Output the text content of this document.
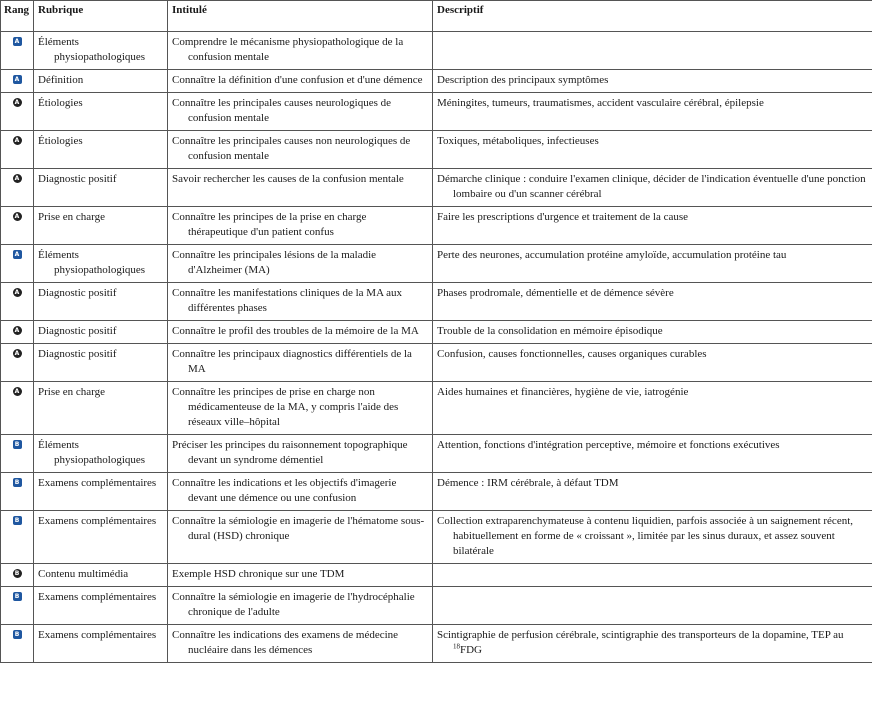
Rang	Rubrique	Intitulé	Descriptif

A	Éléments physiopathologiques	Comprendre le mécanisme physiopathologique de la confusion mentale	

A	Définition	Connaître la définition d'une confusion et d'une démence	Description des principaux symptômes

A	Étiologies	Connaître les principales causes neurologiques de confusion mentale	Méningites, tumeurs, traumatismes, accident vasculaire cérébral, épilepsie

A	Étiologies	Connaître les principales causes non neurologiques de confusion mentale	Toxiques, métaboliques, infectieuses

A	Diagnostic positif	Savoir rechercher les causes de la confusion mentale	Démarche clinique : conduire l'examen clinique, décider de l'indication éventuelle d'une ponction lombaire ou d'un scanner cérébral

A	Prise en charge	Connaître les principes de la prise en charge thérapeutique d'un patient confus	Faire les prescriptions d'urgence et traitement de la cause

A	Éléments physiopathologiques	Connaître les principales lésions de la maladie d'Alzheimer (MA)	Perte des neurones, accumulation protéine amyloïde, accumulation protéine tau

A	Diagnostic positif	Connaître les manifestations cliniques de la MA aux différentes phases	Phases prodromale, démentielle et de démence sévère

A	Diagnostic positif	Connaître le profil des troubles de la mémoire de la MA	Trouble de la consolidation en mémoire épisodique

A	Diagnostic positif	Connaître les principaux diagnostics différentiels de la MA	Confusion, causes fonctionnelles, causes organiques curables

A	Prise en charge	Connaître les principes de prise en charge non médicamenteuse de la MA, y compris l'aide des réseaux ville–hôpital	Aides humaines et financières, hygiène de vie, iatrogénie

B	Éléments physiopathologiques	Préciser les principes du raisonnement topographique devant un syndrome démentiel	Attention, fonctions d'intégration perceptive, mémoire et fonctions exécutives

B	Examens complémentaires	Connaître les indications et les objectifs d'imagerie devant une démence ou une confusion	Démence : IRM cérébrale, à défaut TDM

B	Examens complémentaires	Connaître la sémiologie en imagerie de l'hématome sous-dural (HSD) chronique	Collection extraparenchymateuse à contenu liquidien, parfois associée à un saignement récent, habituellement en forme de « croissant », limitée par les sinus duraux, et assez souvent bilatérale

B	Contenu multimédia	Exemple HSD chronique sur une TDM	

B	Examens complémentaires	Connaître la sémiologie en imagerie de l'hydrocéphalie chronique de l'adulte	

B	Examens complémentaires	Connaître les indications des examens de médecine nucléaire dans les démences	Scintigraphie de perfusion cérébrale, scintigraphie des transporteurs de la dopamine, TEP au $^{18}$FDG
